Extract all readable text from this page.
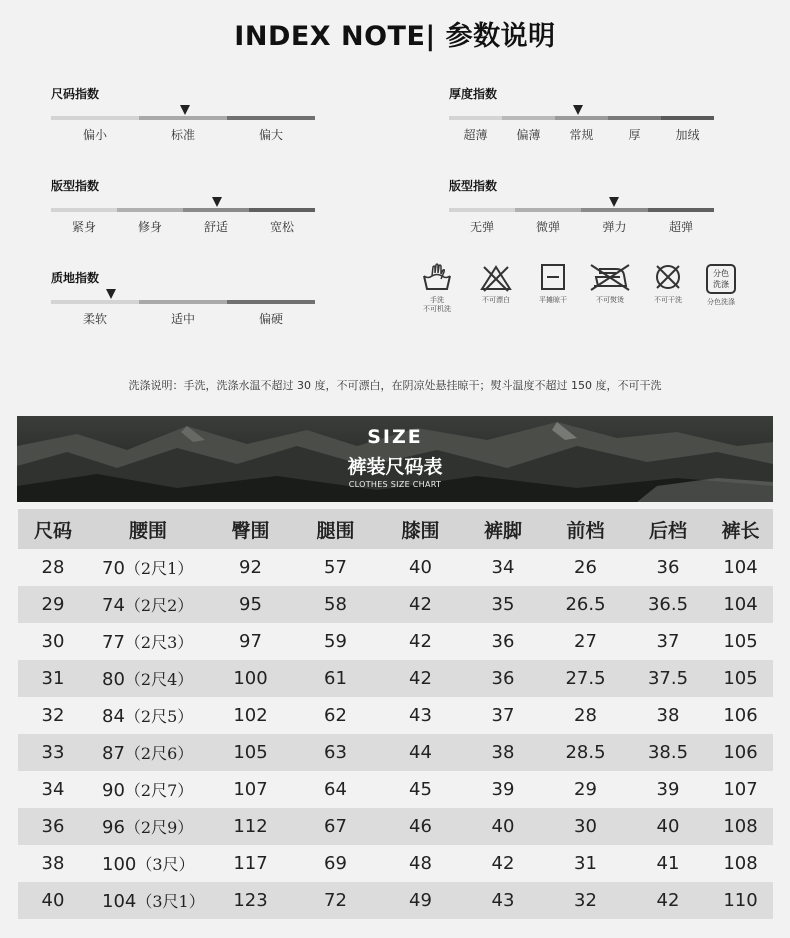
INDEX NOTE| 参数说明
尺码指数
偏小	标准	偏大
厚度指数
超薄	偏薄	常规	厚	加绒
版型指数
紧身	修身	舒适	宽松
版型指数
无弹	微弹	弹力	超弹
质地指数
柔软	适中	偏硬
手洗
不可机洗
不可漂白	平摊晾干	不可熨烫	不可干洗
分色
洗涤
分色洗涤
洗涤说明：手洗，洗涤水温不超过 30 度，不可漂白，在阴凉处悬挂晾干；熨斗温度不超过 150 度，不可干洗
SIZE
裤装尺码表
CLOTHES SIZE CHART
尺码	腰围	臀围	腿围	膝围	裤脚	前档	后档	裤长
28	70（2尺1）	92	57	40	34	26	36	104
29	74（2尺2）	95	58	42	35	26.5	36.5	104
30	77（2尺3）	97	59	42	36	27	37	105
31	80（2尺4）	100	61	42	36	27.5	37.5	105
32	84（2尺5）	102	62	43	37	28	38	106
33	87（2尺6）	105	63	44	38	28.5	38.5	106
34	90（2尺7）	107	64	45	39	29	39	107
36	96（2尺9）	112	67	46	40	30	40	108
38	100（3尺）	117	69	48	42	31	41	108
40	104（3尺1）	123	72	49	43	32	42	110
